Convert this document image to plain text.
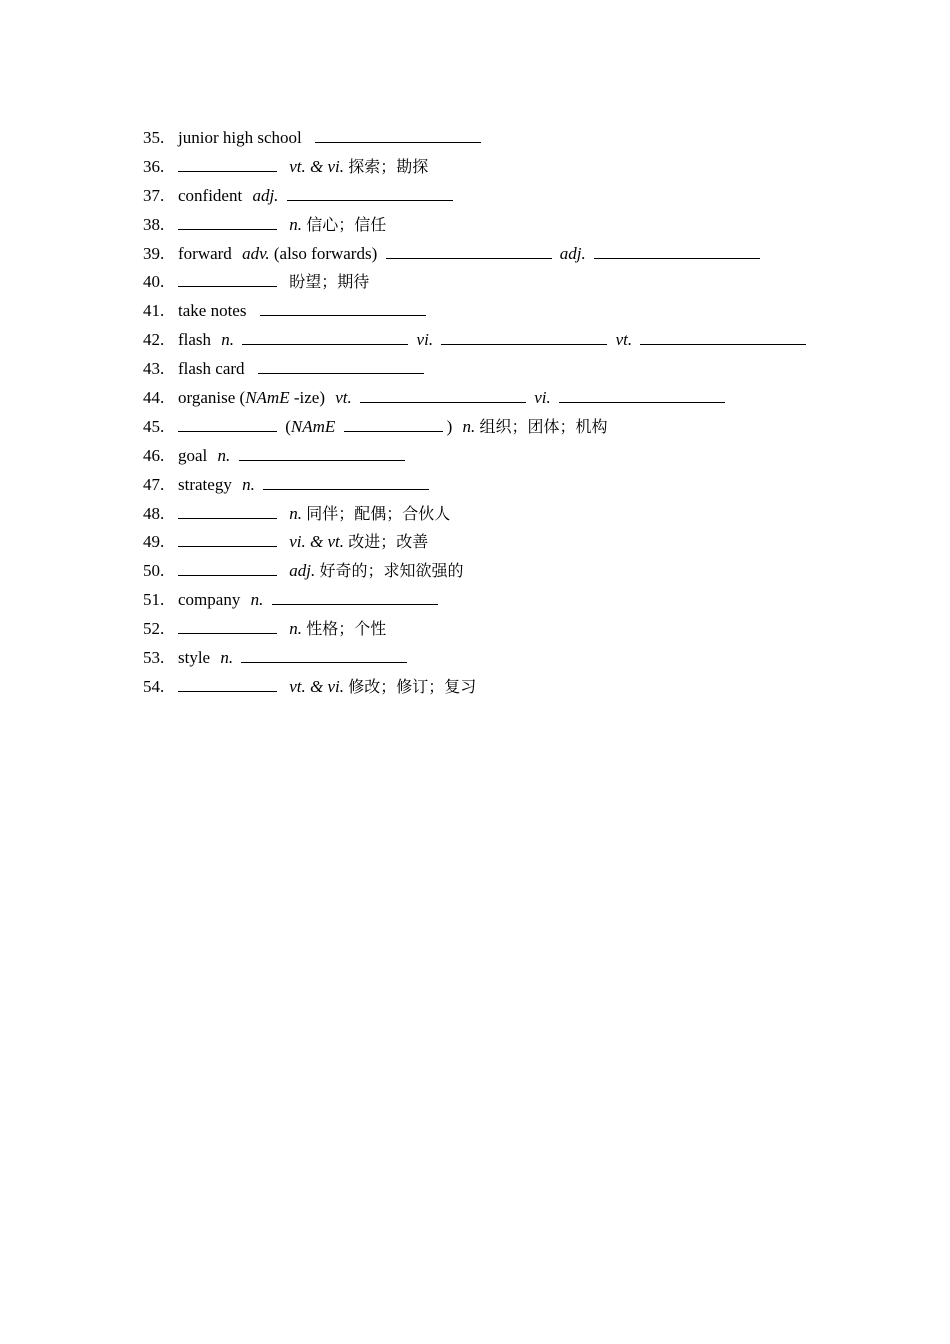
35. junior high school
36.	vt. & vi. 探索；勘探
37. confident adj.
38.	n. 信心；信任
39. forward adv. (also forwards)	adj.
40.	盼望；期待
41. take notes
42. flash n.	vi.	vt.
43. flash card
44. organise (NAmE -ize) vt.	vi.
45.	(NAmE	) n. 组织；团体；机构
46. goal n.
47. strategy n.
48.	n. 同伴；配偶；合伙人
49.	vi. & vt. 改进；改善
50.	adj. 好奇的；求知欲强的
51. company n.
52.	n. 性格；个性
53. style n.
54.	vt. & vi. 修改；修订；复习
